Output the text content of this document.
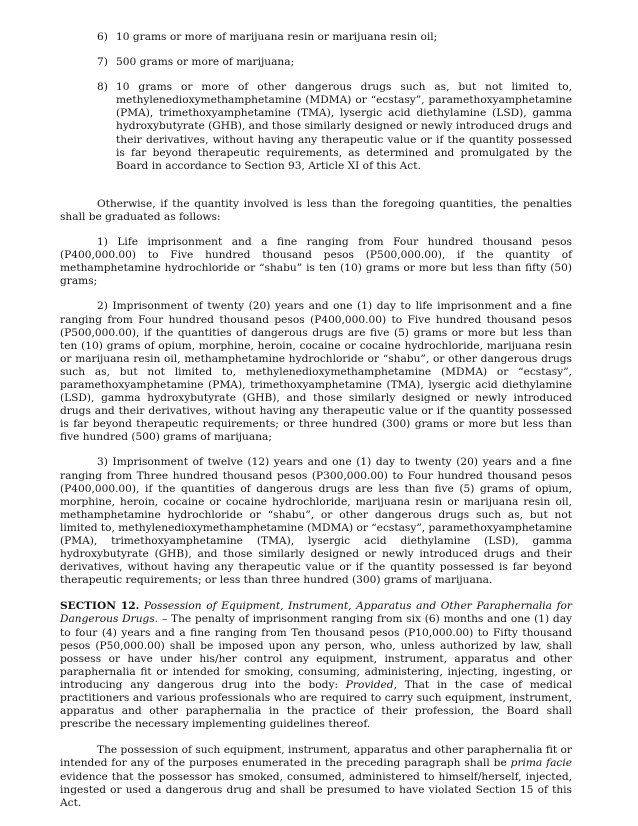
6) 10 grams or more of marijuana resin or marijuana resin oil;
7) 500 grams or more of marijuana;
8) 10 grams or more of other dangerous drugs such as, but not limited to, methylenedioxymethamphetamine (MDMA) or “ecstasy”, paramethoxyamphetamine (PMA), trimethoxyamphetamine (TMA), lysergic acid diethylamine (LSD), gamma hydroxybutyrate (GHB), and those similarly designed or newly introduced drugs and their derivatives, without having any therapeutic value or if the quantity possessed is far beyond therapeutic requirements, as determined and promulgated by the Board in accordance to Section 93, Article XI of this Act.

Otherwise, if the quantity involved is less than the foregoing quantities, the penalties shall be graduated as follows:

1) Life imprisonment and a fine ranging from Four hundred thousand pesos (P400,000.00) to Five hundred thousand pesos (P500,000.00), if the quantity of methamphetamine hydrochloride or “shabu” is ten (10) grams or more but less than fifty (50) grams;

2) Imprisonment of twenty (20) years and one (1) day to life imprisonment and a fine ranging from Four hundred thousand pesos (P400,000.00) to Five hundred thousand pesos (P500,000.00), if the quantities of dangerous drugs are five (5) grams or more but less than ten (10) grams of opium, morphine, heroin, cocaine or cocaine hydrochloride, marijuana resin or marijuana resin oil, methamphetamine hydrochloride or “shabu”, or other dangerous drugs such as, but not limited to, methylenedioxymethamphetamine (MDMA) or “ecstasy”, paramethoxyamphetamine (PMA), trimethoxyamphetamine (TMA), lysergic acid diethylamine (LSD), gamma hydroxybutyrate (GHB), and those similarly designed or newly introduced drugs and their derivatives, without having any therapeutic value or if the quantity possessed is far beyond therapeutic requirements; or three hundred (300) grams or more but less than five hundred (500) grams of marijuana;

3) Imprisonment of twelve (12) years and one (1) day to twenty (20) years and a fine ranging from Three hundred thousand pesos (P300,000.00) to Four hundred thousand pesos (P400,000.00), if the quantities of dangerous drugs are less than five (5) grams of opium, morphine, heroin, cocaine or cocaine hydrochloride, marijuana resin or marijuana resin oil, methamphetamine hydrochloride or “shabu”, or other dangerous drugs such as, but not limited to, methylenedioxymethamphetamine (MDMA) or “ecstasy”, paramethoxyamphetamine (PMA), trimethoxyamphetamine (TMA), lysergic acid diethylamine (LSD), gamma hydroxybutyrate (GHB), and those similarly designed or newly introduced drugs and their derivatives, without having any therapeutic value or if the quantity possessed is far beyond therapeutic requirements; or less than three hundred (300) grams of marijuana.

SECTION 12. Possession of Equipment, Instrument, Apparatus and Other Paraphernalia for Dangerous Drugs. – The penalty of imprisonment ranging from six (6) months and one (1) day to four (4) years and a fine ranging from Ten thousand pesos (P10,000.00) to Fifty thousand pesos (P50,000.00) shall be imposed upon any person, who, unless authorized by law, shall possess or have under his/her control any equipment, instrument, apparatus and other paraphernalia fit or intended for smoking, consuming, administering, injecting, ingesting, or introducing any dangerous drug into the body: Provided, That in the case of medical practitioners and various professionals who are required to carry such equipment, instrument, apparatus and other paraphernalia in the practice of their profession, the Board shall prescribe the necessary implementing guidelines thereof.

The possession of such equipment, instrument, apparatus and other paraphernalia fit or intended for any of the purposes enumerated in the preceding paragraph shall be prima facie evidence that the possessor has smoked, consumed, administered to himself/herself, injected, ingested or used a dangerous drug and shall be presumed to have violated Section 15 of this Act.
